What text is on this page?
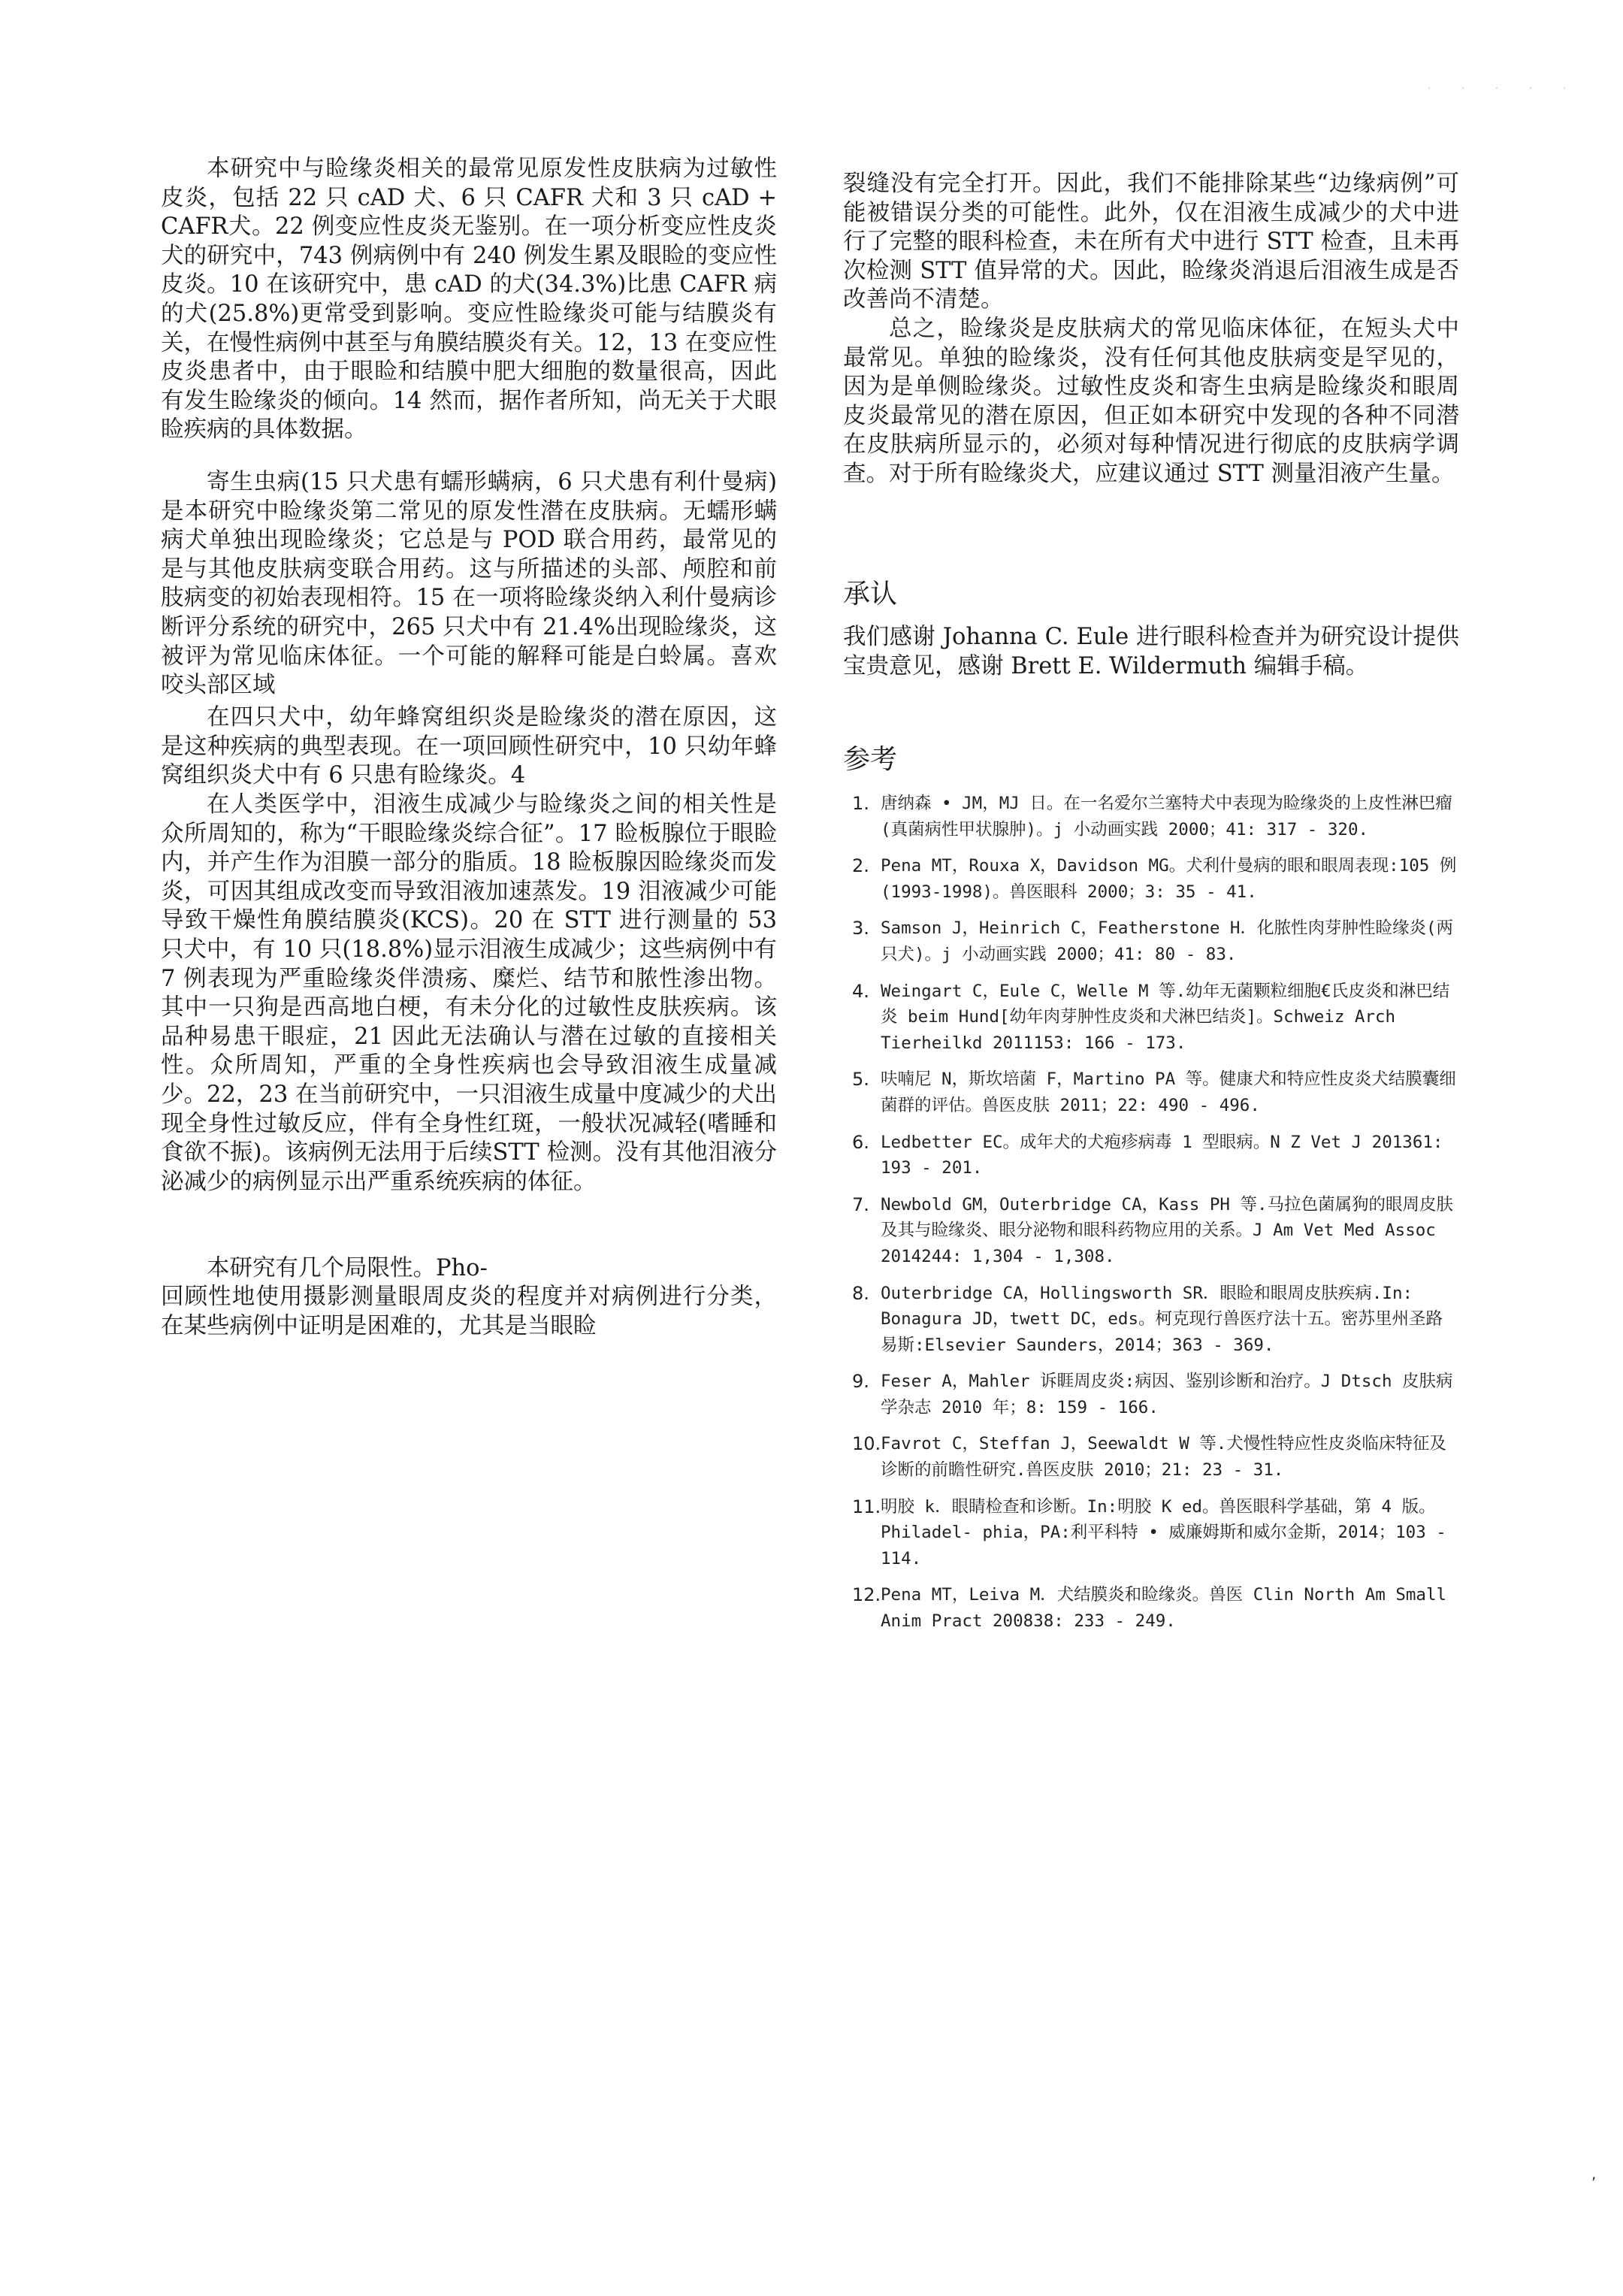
· · · · ·
,

本研究中与睑缘炎相关的最常见原发性皮肤病为过敏性皮炎，包括 22 只 cAD 犬、6 只 CAFR 犬和 3 只 cAD + CAFR犬。22 例变应性皮炎无鉴别。在一项分析变应性皮炎犬的研究中，743 例病例中有 240 例发生累及眼睑的变应性皮炎。10 在该研究中，患 cAD 的犬(34.3%)比患 CAFR 病的犬(25.8%)更常受到影响。变应性睑缘炎可能与结膜炎有关，在慢性病例中甚至与角膜结膜炎有关。12，13 在变应性皮炎患者中，由于眼睑和结膜中肥大细胞的数量很高，因此有发生睑缘炎的倾向。14 然而，据作者所知，尚无关于犬眼睑疾病的具体数据。

寄生虫病(15 只犬患有蠕形螨病，6 只犬患有利什曼病)是本研究中睑缘炎第二常见的原发性潜在皮肤病。无蠕形螨病犬单独出现睑缘炎；它总是与 POD 联合用药，最常见的是与其他皮肤病变联合用药。这与所描述的头部、颅腔和前肢病变的初始表现相符。15 在一项将睑缘炎纳入利什曼病诊断评分系统的研究中，265 只犬中有 21.4%出现睑缘炎，这被评为常见临床体征。一个可能的解释可能是白蛉属。喜欢咬头部区域

在四只犬中，幼年蜂窝组织炎是睑缘炎的潜在原因，这是这种疾病的典型表现。在一项回顾性研究中，10 只幼年蜂窝组织炎犬中有 6 只患有睑缘炎。4

在人类医学中，泪液生成减少与睑缘炎之间的相关性是众所周知的，称为“干眼睑缘炎综合征”。17 睑板腺位于眼睑内，并产生作为泪膜一部分的脂质。18 睑板腺因睑缘炎而发炎，可因其组成改变而导致泪液加速蒸发。19 泪液减少可能导致干燥性角膜结膜炎(KCS)。20 在 STT 进行测量的 53 只犬中，有 10 只(18.8%)显示泪液生成减少；这些病例中有 7 例表现为严重睑缘炎伴溃疡、糜烂、结节和脓性渗出物。其中一只狗是西高地白梗，有未分化的过敏性皮肤疾病。该品种易患干眼症，21 因此无法确认与潜在过敏的直接相关性。众所周知，严重的全身性疾病也会导致泪液生成量减少。22，23 在当前研究中，一只泪液生成量中度减少的犬出现全身性过敏反应，伴有全身性红斑，一般状况减轻(嗜睡和食欲不振)。该病例无法用于后续STT 检测。没有其他泪液分泌减少的病例显示出严重系统疾病的体征。

本研究有几个局限性。Pho-

回顾性地使用摄影测量眼周皮炎的程度并对病例进行分类，在某些病例中证明是困难的，尤其是当眼睑

裂缝没有完全打开。因此，我们不能排除某些“边缘病例”可能被错误分类的可能性。此外，仅在泪液生成减少的犬中进行了完整的眼科检查，未在所有犬中进行 STT 检查，且未再次检测 STT 值异常的犬。因此，睑缘炎消退后泪液生成是否改善尚不清楚。

总之，睑缘炎是皮肤病犬的常见临床体征，在短头犬中最常见。单独的睑缘炎，没有任何其他皮肤病变是罕见的，因为是单侧睑缘炎。过敏性皮炎和寄生虫病是睑缘炎和眼周皮炎最常见的潜在原因，但正如本研究中发现的各种不同潜在皮肤病所显示的，必须对每种情况进行彻底的皮肤病学调查。对于所有睑缘炎犬，应建议通过 STT 测量泪液产生量。

承认

我们感谢 Johanna C. Eule 进行眼科检查并为研究设计提供宝贵意见，感谢 Brett E. Wildermuth 编辑手稿。

参考
1. 唐纳森 • JM，MJ 日。在一名爱尔兰塞特犬中表现为睑缘炎的上皮性淋巴瘤(真菌病性甲状腺肿)。j 小动画实践 2000；41: 317 - 320.
2. Pena MT，Rouxa X，Davidson MG。犬利什曼病的眼和眼周表现:105 例(1993-1998)。兽医眼科 2000；3: 35 - 41.
3. Samson J，Heinrich C，Featherstone H．化脓性肉芽肿性睑缘炎(两只犬)。j 小动画实践 2000；41: 80 - 83.
4. Weingart C，Eule C，Welle M 等.幼年无菌颗粒细胞€氏皮炎和淋巴结炎 beim Hund[幼年肉芽肿性皮炎和犬淋巴结炎]。Schweiz Arch Tierheilkd 2011153: 166 - 173.
5. 呋喃尼 N，斯坎培菌 F，Martino PA 等。健康犬和特应性皮炎犬结膜囊细菌群的评估。兽医皮肤 2011；22: 490 - 496.
6. Ledbetter EC。成年犬的犬疱疹病毒 1 型眼病。N Z Vet J 201361: 193 - 201.
7. Newbold GM，Outerbridge CA，Kass PH 等.马拉色菌属狗的眼周皮肤及其与睑缘炎、眼分泌物和眼科药物应用的关系。J Am Vet Med Assoc 2014244: 1,304 - 1,308.
8. Outerbridge CA，Hollingsworth SR．眼睑和眼周皮肤疾病.In: Bonagura JD，twett DC，eds。柯克现行兽医疗法十五。密苏里州圣路易斯:Elsevier Saunders，2014；363 - 369.
9. Feser A，Mahler 诉睚周皮炎:病因、鉴别诊断和治疗。J Dtsch 皮肤病学杂志 2010 年；8: 159 - 166.
10. Favrot C，Steffan J，Seewaldt W 等.犬慢性特应性皮炎临床特征及诊断的前瞻性研究.兽医皮肤 2010；21: 23 - 31.
11. 明胶 k．眼睛检查和诊断。In:明胶 K ed。兽医眼科学基础，第 4 版。Philadel- phia，PA:利平科特 • 威廉姆斯和威尔金斯，2014；103 - 114.
12. Pena MT，Leiva M．犬结膜炎和睑缘炎。兽医 Clin North Am Small Anim Pract 200838: 233 - 249.
